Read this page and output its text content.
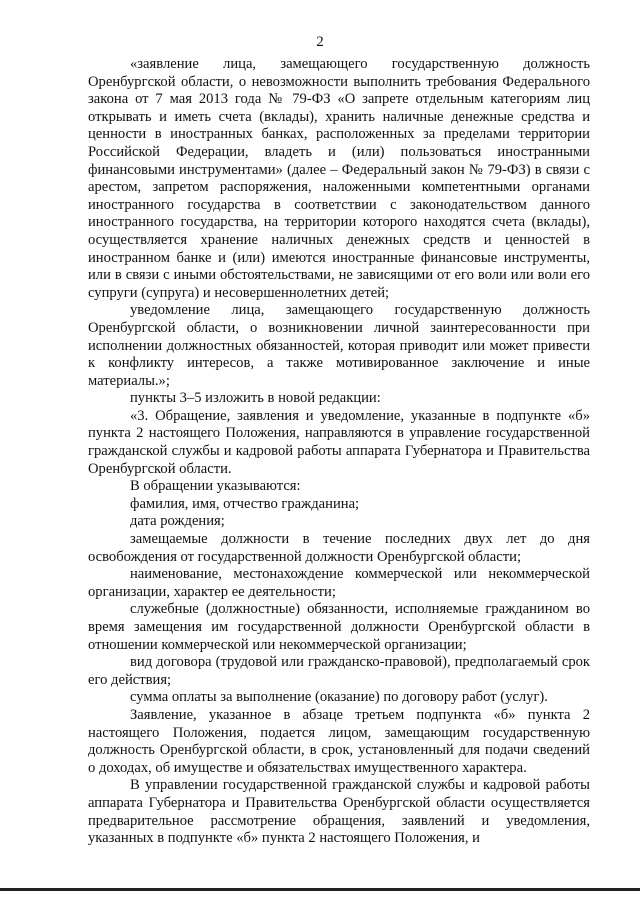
2

«заявление лица, замещающего государственную должность Оренбургской области, о невозможности выполнить требования Федерального закона от 7 мая 2013 года № 79-ФЗ «О запрете отдельным категориям лиц открывать и иметь счета (вклады), хранить наличные денежные средства и ценности в иностранных банках, расположенных за пределами территории Российской Федерации, владеть и (или) пользоваться иностранными финансовыми инструментами» (далее – Федеральный закон № 79-ФЗ) в связи с арестом, запретом распоряжения, наложенными компетентными органами иностранного государства в соответствии с законодательством данного иностранного государства, на территории которого находятся счета (вклады), осуществляется хранение наличных денежных средств и ценностей в иностранном банке и (или) имеются иностранные финансовые инструменты, или в связи с иными обстоятельствами, не зависящими от его воли или воли его супруги (супруга) и несовершеннолетних детей;

уведомление лица, замещающего государственную должность Оренбургской области, о возникновении личной заинтересованности при исполнении должностных обязанностей, которая приводит или может привести к конфликту интересов, а также мотивированное заключение и иные материалы.»;

пункты 3–5 изложить в новой редакции:

«3. Обращение, заявления и уведомление, указанные в подпункте «б» пункта 2 настоящего Положения, направляются в управление государственной гражданской службы и кадровой работы аппарата Губернатора и Правительства Оренбургской области.

В обращении указываются:

фамилия, имя, отчество гражданина;

дата рождения;

замещаемые должности в течение последних двух лет до дня освобождения от государственной должности Оренбургской области;

наименование, местонахождение коммерческой или некоммерческой организации, характер ее деятельности;

служебные (должностные) обязанности, исполняемые гражданином во время замещения им государственной должности Оренбургской области в отношении коммерческой или некоммерческой организации;

вид договора (трудовой или гражданско-правовой), предполагаемый срок его действия;

сумма оплаты за выполнение (оказание) по договору работ (услуг).

Заявление, указанное в абзаце третьем подпункта «б» пункта 2 настоящего Положения, подается лицом, замещающим государственную должность Оренбургской области, в срок, установленный для подачи сведений о доходах, об имуществе и обязательствах имущественного характера.

В управлении государственной гражданской службы и кадровой работы аппарата Губернатора и Правительства Оренбургской области осуществляется предварительное рассмотрение обращения, заявлений и уведомления, указанных в подпункте «б» пункта 2 настоящего Положения, и
